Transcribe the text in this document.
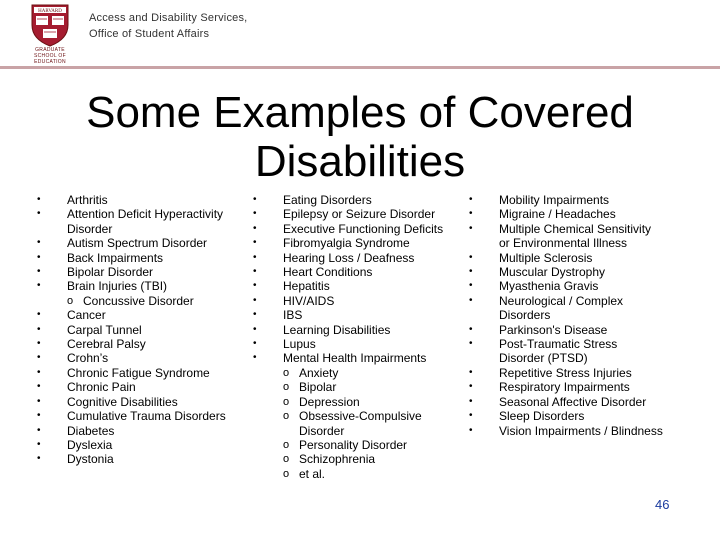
HARVARD
GRADUATE SCHOOL OF EDUCATION
Access and Disability Services,
Office of Student Affairs
Some Examples of Covered
Disabilities
• Arthritis
• Attention Deficit Hyperactivity
Disorder
• Autism Spectrum Disorder
• Back Impairments
• Bipolar Disorder
• Brain Injuries (TBI)
o Concussive Disorder
• Cancer
• Carpal Tunnel
• Cerebral Palsy
• Crohn’s
• Chronic Fatigue Syndrome
• Chronic Pain
• Cognitive Disabilities
• Cumulative Trauma Disorders
• Diabetes
• Dyslexia
• Dystonia
• Eating Disorders
• Epilepsy or Seizure Disorder
• Executive Functioning Deficits
• Fibromyalgia Syndrome
• Hearing Loss / Deafness
• Heart Conditions
• Hepatitis
• HIV/AIDS
• IBS
• Learning Disabilities
• Lupus
• Mental Health Impairments
o Anxiety
o Bipolar
o Depression
o Obsessive-Compulsive
Disorder
o Personality Disorder
o Schizophrenia
o et al.
• Mobility Impairments
• Migraine / Headaches
• Multiple Chemical Sensitivity
or Environmental Illness
• Multiple Sclerosis
• Muscular Dystrophy
• Myasthenia Gravis
• Neurological / Complex
Disorders
• Parkinson's Disease
• Post-Traumatic Stress
Disorder (PTSD)
• Repetitive Stress Injuries
• Respiratory Impairments
• Seasonal Affective Disorder
• Sleep Disorders
• Vision Impairments / Blindness
46
